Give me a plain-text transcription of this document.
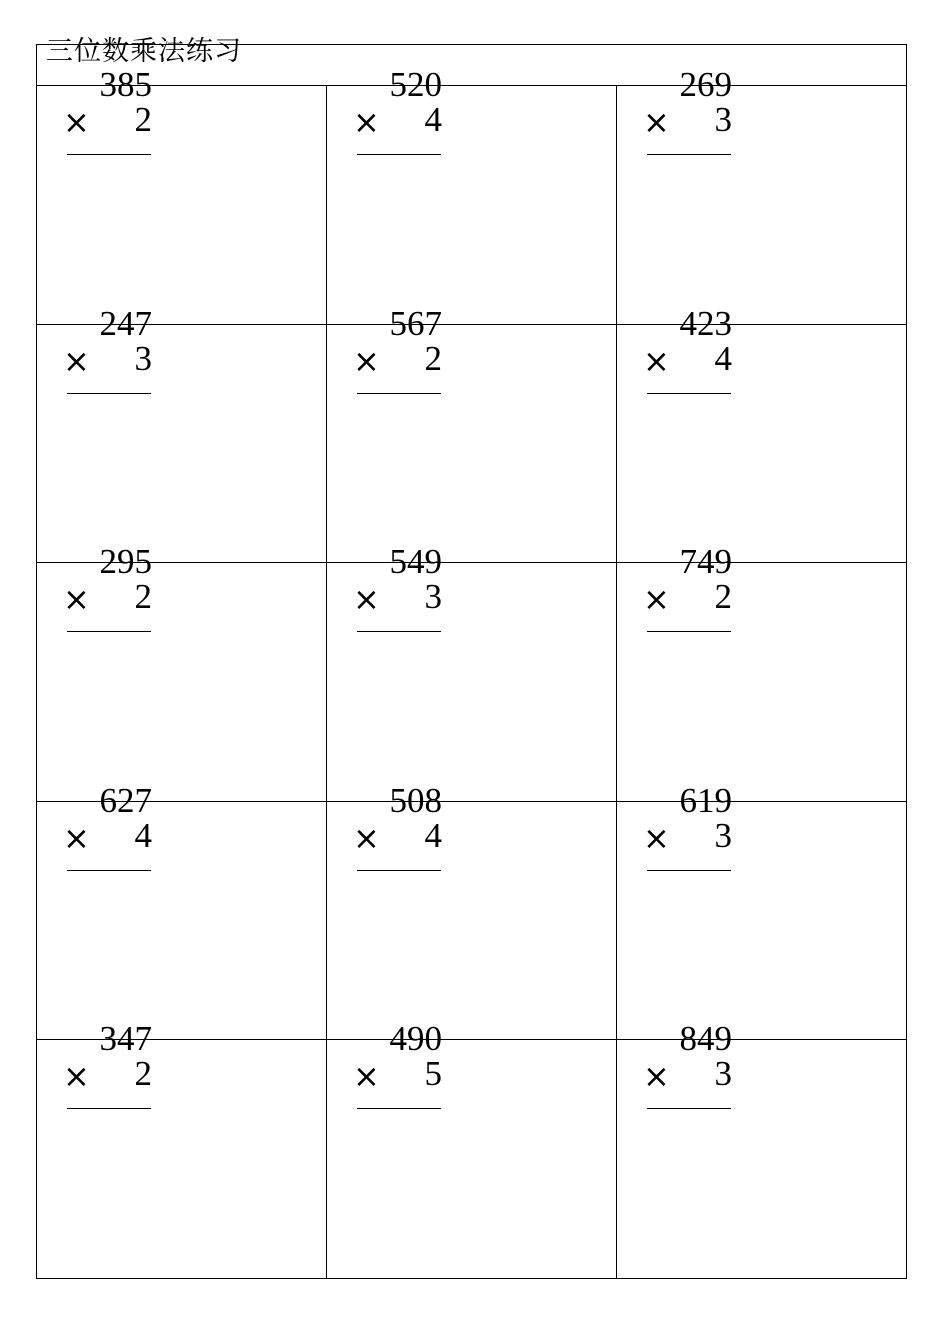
三位数乘法练习
385
×	2
520
×	4
269
×	3
247
×	3
567
×	2
423
×	4
295
×	2
549
×	3
749
×	2
627
×	4
508
×	4
619
×	3
347
×	2
490
×	5
849
×	3
